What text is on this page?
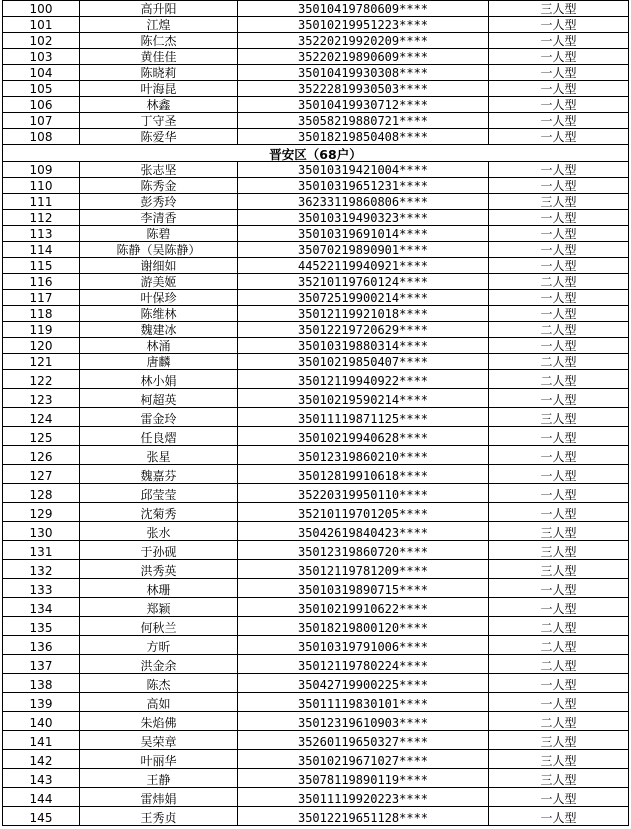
100	高升阳	35010419780609****	三人型
101	江煌	35010219951223****	一人型
102	陈仁杰	35220219920209****	一人型
103	黄佳佳	35220219890609****	一人型
104	陈晓莉	35010419930308****	一人型
105	叶海昆	35222819930503****	一人型
106	林鑫	35010419930712****	一人型
107	丁守圣	35058219880721****	一人型
108	陈爱华	35018219850408****	一人型
晋安区（68户）			
109	张志坚	35010319421004****	一人型
110	陈秀金	35010319651231****	一人型
111	彭秀玲	36233119860806****	三人型
112	李清香	35010319490323****	一人型
113	陈碧	35010319691014****	一人型
114	陈静（吴陈静）	35070219890901****	一人型
115	谢细如	44522119940921****	一人型
116	游美姬	35210119760124****	二人型
117	叶保珍	35072519900214****	一人型
118	陈维林	35012119921018****	一人型
119	魏建冰	35012219720629****	二人型
120	林涌	35010319880314****	一人型
121	唐麟	35010219850407****	二人型
122	林小娟	35012119940922****	二人型
123	柯超英	35010219590214****	一人型
124	雷金玲	35011119871125****	三人型
125	任良熠	35010219940628****	一人型
126	张星	35012319860210****	一人型
127	魏嘉芬	35012819910618****	一人型
128	邱莹莹	35220319950110****	一人型
129	沈菊秀	35210119701205****	一人型
130	张水	35042619840423****	三人型
131	于孙砚	35012319860720****	三人型
132	洪秀英	35012119781209****	三人型
133	林珊	35010319890715****	一人型
134	郑颖	35010219910622****	一人型
135	何秋兰	35018219800120****	二人型
136	方昕	35010319791006****	二人型
137	洪金余	35012119780224****	二人型
138	陈杰	35042719900225****	一人型
139	高如	35011119830101****	一人型
140	朱焰佛	35012319610903****	二人型
141	吴荣章	35260119650327****	三人型
142	叶丽华	35010219671027****	三人型
143	王静	35078119890119****	三人型
144	雷炜娟	35011119920223****	一人型
145	王秀贞	35012219651128****	一人型
